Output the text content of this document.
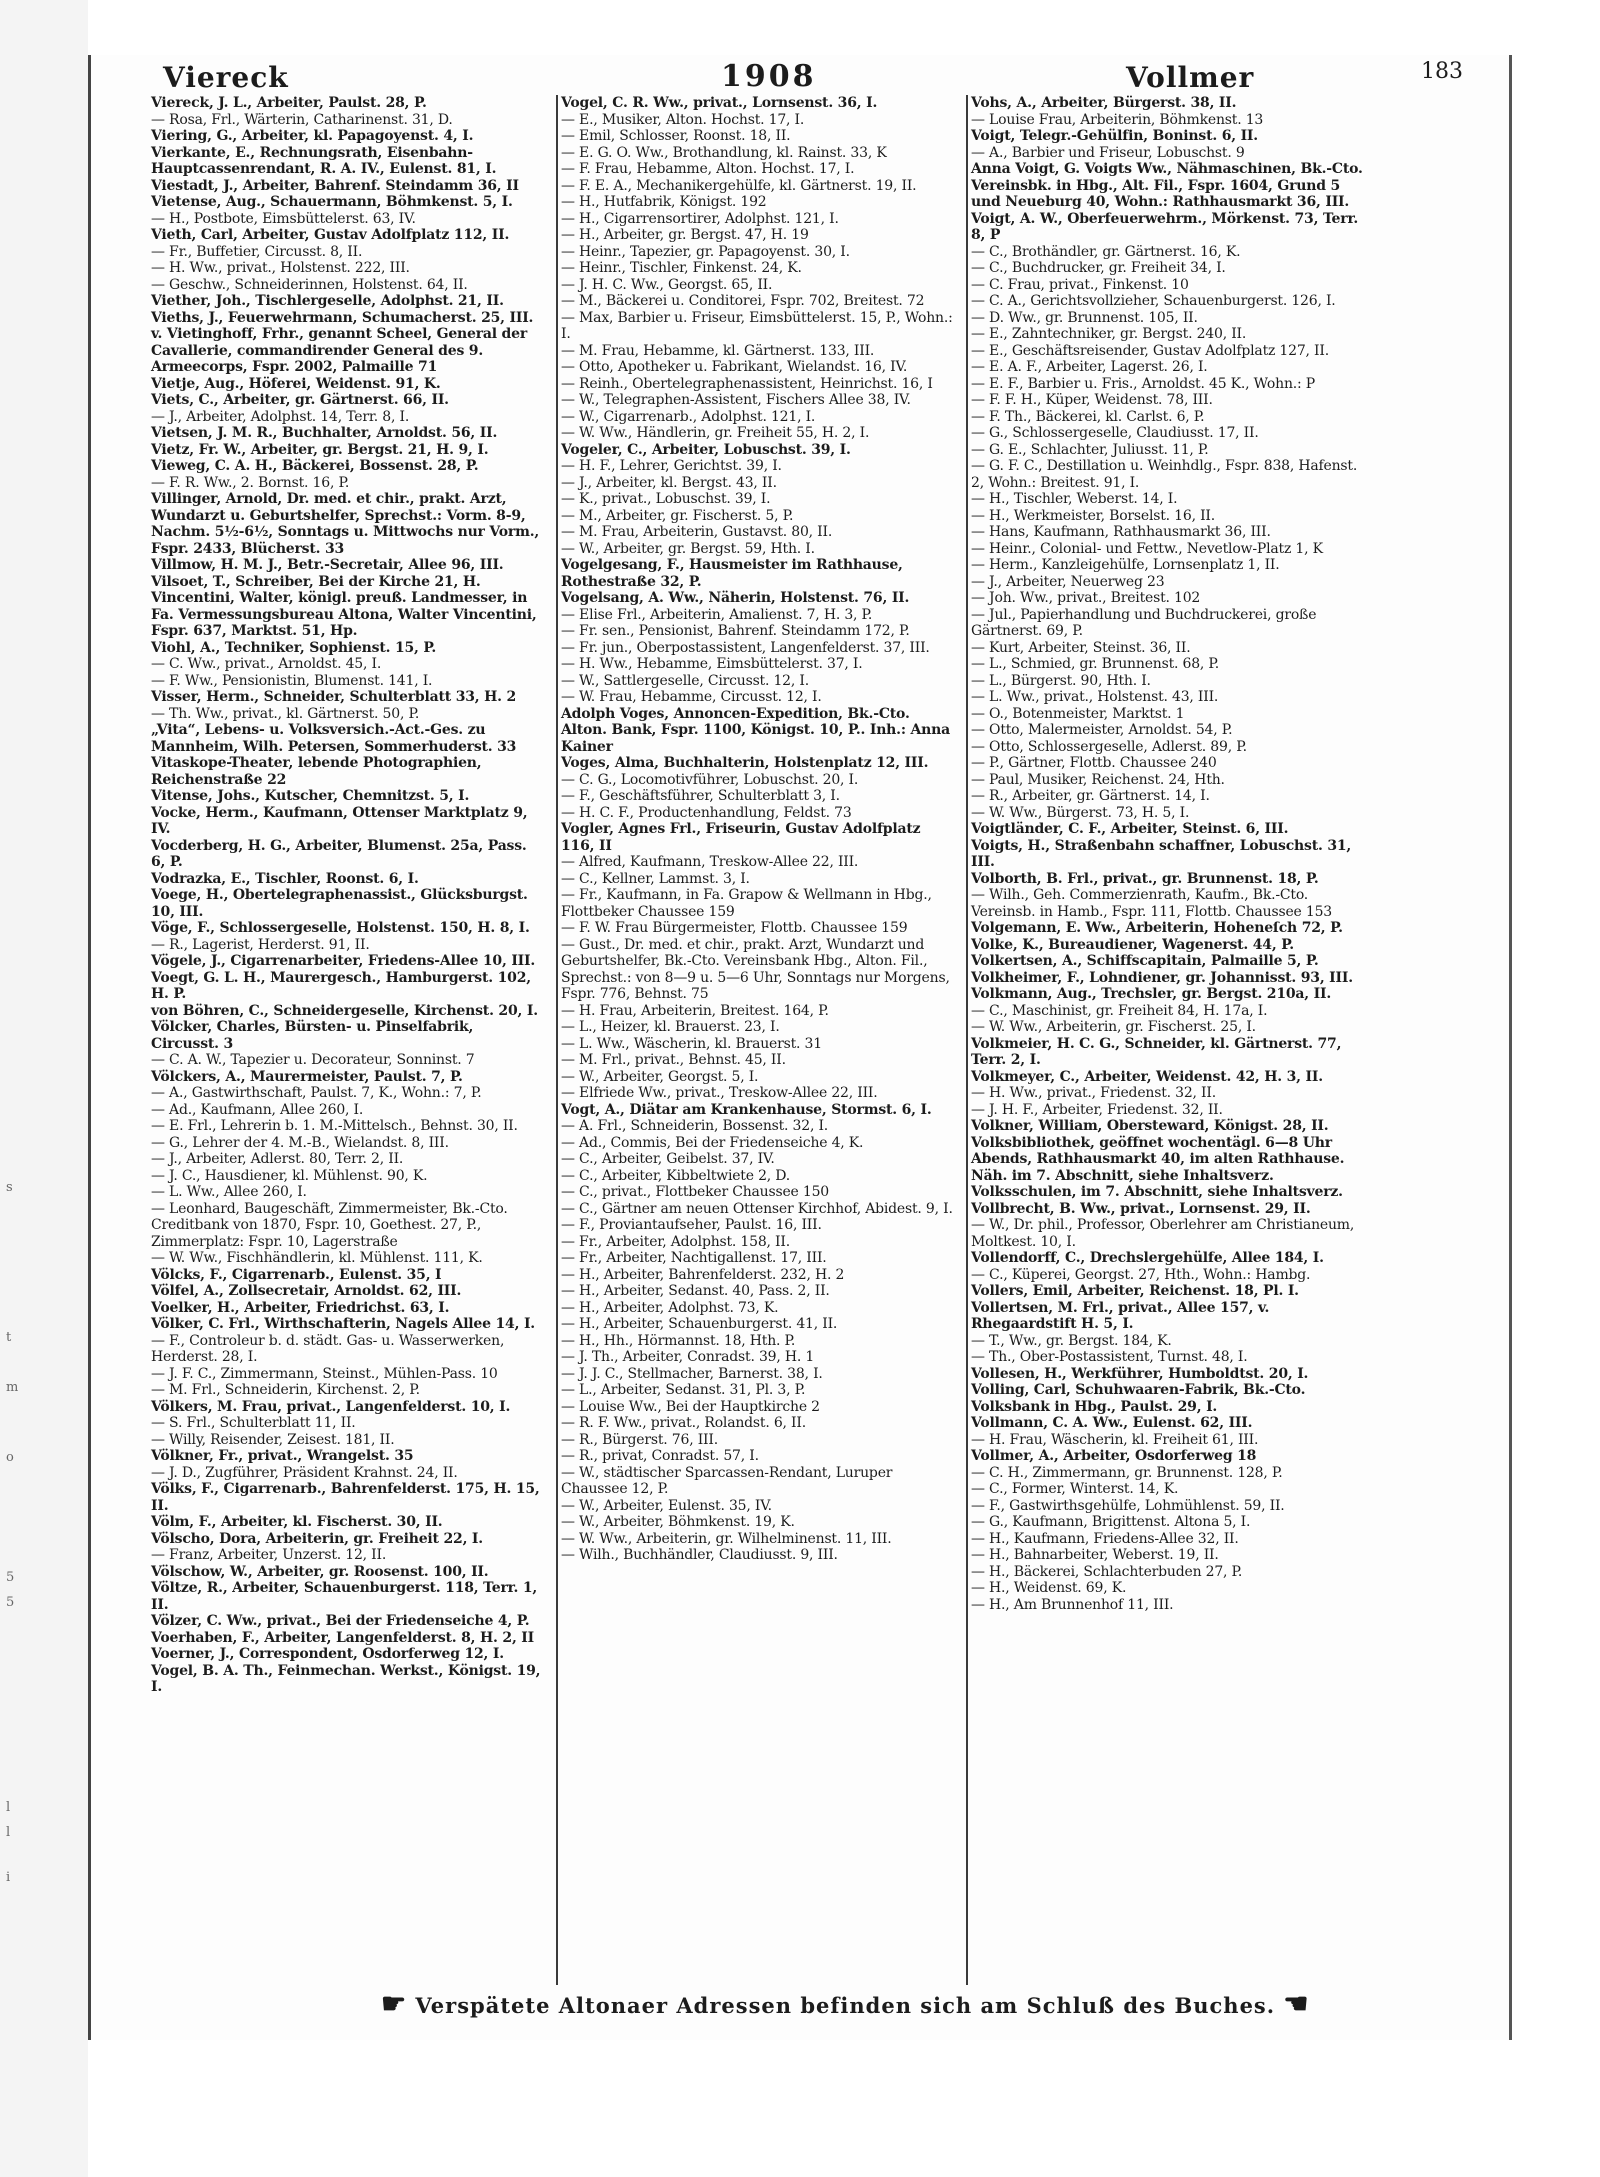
s
t
m
o
5
5
l
l
i
Viereck	1908	Vollmer	183
Viereck, J. L., Arbeiter, Paulst. 28, P.
— Rosa, Frl., Wärterin, Catharinenst. 31, D.
Viering, G., Arbeiter, kl. Papagoyenst. 4, I.
Vierkante, E., Rechnungsrath, Eisenbahn-Hauptcassenrendant, R. A. IV., Eulenst. 81, I.
Viestadt, J., Arbeiter, Bahrenf. Steindamm 36, II
Vietense, Aug., Schauermann, Böhmkenst. 5, I.
— H., Postbote, Eimsbüttelerst. 63, IV.
Vieth, Carl, Arbeiter, Gustav Adolfplatz 112, II.
— Fr., Buffetier, Circusst. 8, II.
— H. Ww., privat., Holstenst. 222, III.
— Geschw., Schneiderinnen, Holstenst. 64, II.
Viether, Joh., Tischlergeselle, Adolphst. 21, II.
Vieths, J., Feuerwehrmann, Schumacherst. 25, III.
v. Vietinghoff, Frhr., genannt Scheel, General der Cavallerie, commandirender General des 9. Armeecorps, Fspr. 2002, Palmaille 71
Vietje, Aug., Höferei, Weidenst. 91, K.
Viets, C., Arbeiter, gr. Gärtnerst. 66, II.
— J., Arbeiter, Adolphst. 14, Terr. 8, I.
Vietsen, J. M. R., Buchhalter, Arnoldst. 56, II.
Vietz, Fr. W., Arbeiter, gr. Bergst. 21, H. 9, I.
Vieweg, C. A. H., Bäckerei, Bossenst. 28, P.
— F. R. Ww., 2. Bornst. 16, P.
Villinger, Arnold, Dr. med. et chir., prakt. Arzt, Wundarzt u. Geburtshelfer, Sprechst.: Vorm. 8-9, Nachm. 5½-6½, Sonntags u. Mittwochs nur Vorm., Fspr. 2433, Blücherst. 33
Villmow, H. M. J., Betr.-Secretair, Allee 96, III.
Vilsoet, T., Schreiber, Bei der Kirche 21, H.
Vincentini, Walter, königl. preuß. Landmesser, in Fa. Vermessungsbureau Altona, Walter Vincentini, Fspr. 637, Marktst. 51, Hp.
Viohl, A., Techniker, Sophienst. 15, P.
— C. Ww., privat., Arnoldst. 45, I.
— F. Ww., Pensionistin, Blumenst. 141, I.
Visser, Herm., Schneider, Schulterblatt 33, H. 2
— Th. Ww., privat., kl. Gärtnerst. 50, P.
„Vita“, Lebens- u. Volksversich.-Act.-Ges. zu Mannheim, Wilh. Petersen, Sommerhuderst. 33
Vitaskope-Theater, lebende Photographien, Reichenstraße 22
Vitense, Johs., Kutscher, Chemnitzst. 5, I.
Vocke, Herm., Kaufmann, Ottenser Marktplatz 9, IV.
Vocderberg, H. G., Arbeiter, Blumenst. 25a, Pass. 6, P.
Vodrazka, E., Tischler, Roonst. 6, I.
Voege, H., Obertelegraphenassist., Glücksburgst. 10, III.
Vöge, F., Schlossergeselle, Holstenst. 150, H. 8, I.
— R., Lagerist, Herderst. 91, II.
Vögele, J., Cigarrenarbeiter, Friedens-Allee 10, III.
Voegt, G. L. H., Maurergesch., Hamburgerst. 102, H. P.
von Böhren, C., Schneidergeselle, Kirchenst. 20, I.
Völcker, Charles, Bürsten- u. Pinselfabrik, Circusst. 3
— C. A. W., Tapezier u. Decorateur, Sonninst. 7
Völckers, A., Maurermeister, Paulst. 7, P.
— A., Gastwirthschaft, Paulst. 7, K., Wohn.: 7, P.
— Ad., Kaufmann, Allee 260, I.
— E. Frl., Lehrerin b. 1. M.-Mittelsch., Behnst. 30, II.
— G., Lehrer der 4. M.-B., Wielandst. 8, III.
— J., Arbeiter, Adlerst. 80, Terr. 2, II.
— J. C., Hausdiener, kl. Mühlenst. 90, K.
— L. Ww., Allee 260, I.
— Leonhard, Baugeschäft, Zimmermeister, Bk.-Cto. Creditbank von 1870, Fspr. 10, Goethest. 27, P., Zimmerplatz: Fspr. 10, Lagerstraße
— W. Ww., Fischhändlerin, kl. Mühlenst. 111, K.
Völcks, F., Cigarrenarb., Eulenst. 35, I
Völfel, A., Zollsecretair, Arnoldst. 62, III.
Voelker, H., Arbeiter, Friedrichst. 63, I.
Völker, C. Frl., Wirthschafterin, Nagels Allee 14, I.
— F., Controleur b. d. städt. Gas- u. Wasserwerken, Herderst. 28, I.
— J. F. C., Zimmermann, Steinst., Mühlen-Pass. 10
— M. Frl., Schneiderin, Kirchenst. 2, P.
Völkers, M. Frau, privat., Langenfelderst. 10, I.
— S. Frl., Schulterblatt 11, II.
— Willy, Reisender, Zeisest. 181, II.
Völkner, Fr., privat., Wrangelst. 35
— J. D., Zugführer, Präsident Krahnst. 24, II.
Völks, F., Cigarrenarb., Bahrenfelderst. 175, H. 15, II.
Völm, F., Arbeiter, kl. Fischerst. 30, II.
Völscho, Dora, Arbeiterin, gr. Freiheit 22, I.
— Franz, Arbeiter, Unzerst. 12, II.
Völschow, W., Arbeiter, gr. Roosenst. 100, II.
Völtze, R., Arbeiter, Schauenburgerst. 118, Terr. 1, II.
Völzer, C. Ww., privat., Bei der Friedenseiche 4, P.
Voerhaben, F., Arbeiter, Langenfelderst. 8, H. 2, II
Voerner, J., Correspondent, Osdorferweg 12, I.
Vogel, B. A. Th., Feinmechan. Werkst., Königst. 19, I.
Vogel, C. R. Ww., privat., Lornsenst. 36, I.
— E., Musiker, Alton. Hochst. 17, I.
— Emil, Schlosser, Roonst. 18, II.
— E. G. O. Ww., Brothandlung, kl. Rainst. 33, K
— F. Frau, Hebamme, Alton. Hochst. 17, I.
— F. E. A., Mechanikergehülfe, kl. Gärtnerst. 19, II.
— H., Hutfabrik, Königst. 192
— H., Cigarrensortirer, Adolphst. 121, I.
— H., Arbeiter, gr. Bergst. 47, H. 19
— Heinr., Tapezier, gr. Papagoyenst. 30, I.
— Heinr., Tischler, Finkenst. 24, K.
— J. H. C. Ww., Georgst. 65, II.
— M., Bäckerei u. Conditorei, Fspr. 702, Breitest. 72
— Max, Barbier u. Friseur, Eimsbüttelerst. 15, P., Wohn.: I.
— M. Frau, Hebamme, kl. Gärtnerst. 133, III.
— Otto, Apotheker u. Fabrikant, Wielandst. 16, IV.
— Reinh., Obertelegraphenassistent, Heinrichst. 16, I
— W., Telegraphen-Assistent, Fischers Allee 38, IV.
— W., Cigarrenarb., Adolphst. 121, I.
— W. Ww., Händlerin, gr. Freiheit 55, H. 2, I.
Vogeler, C., Arbeiter, Lobuschst. 39, I.
— H. F., Lehrer, Gerichtst. 39, I.
— J., Arbeiter, kl. Bergst. 43, II.
— K., privat., Lobuschst. 39, I.
— M., Arbeiter, gr. Fischerst. 5, P.
— M. Frau, Arbeiterin, Gustavst. 80, II.
— W., Arbeiter, gr. Bergst. 59, Hth. I.
Vogelgesang, F., Hausmeister im Rathhause, Rothestraße 32, P.
Vogelsang, A. Ww., Näherin, Holstenst. 76, II.
— Elise Frl., Arbeiterin, Amalienst. 7, H. 3, P.
— Fr. sen., Pensionist, Bahrenf. Steindamm 172, P.
— Fr. jun., Oberpostassistent, Langenfelderst. 37, III.
— H. Ww., Hebamme, Eimsbüttelerst. 37, I.
— W., Sattlergeselle, Circusst. 12, I.
— W. Frau, Hebamme, Circusst. 12, I.
Adolph Voges, Annoncen-Expedition, Bk.-Cto. Alton. Bank, Fspr. 1100, Königst. 10, P.. Inh.: Anna Kainer
Voges, Alma, Buchhalterin, Holstenplatz 12, III.
— C. G., Locomotivführer, Lobuschst. 20, I.
— F., Geschäftsführer, Schulterblatt 3, I.
— H. C. F., Productenhandlung, Feldst. 73
Vogler, Agnes Frl., Friseurin, Gustav Adolfplatz 116, II
— Alfred, Kaufmann, Treskow-Allee 22, III.
— C., Kellner, Lammst. 3, I.
— Fr., Kaufmann, in Fa. Grapow & Wellmann in Hbg., Flottbeker Chaussee 159
— F. W. Frau Bürgermeister, Flottb. Chaussee 159
— Gust., Dr. med. et chir., prakt. Arzt, Wundarzt und Geburtshelfer, Bk.-Cto. Vereinsbank Hbg., Alton. Fil., Sprechst.: von 8—9 u. 5—6 Uhr, Sonntags nur Morgens, Fspr. 776, Behnst. 75
— H. Frau, Arbeiterin, Breitest. 164, P.
— L., Heizer, kl. Brauerst. 23, I.
— L. Ww., Wäscherin, kl. Brauerst. 31
— M. Frl., privat., Behnst. 45, II.
— W., Arbeiter, Georgst. 5, I.
— Elfriede Ww., privat., Treskow-Allee 22, III.
Vogt, A., Diätar am Krankenhause, Stormst. 6, I.
— A. Frl., Schneiderin, Bossenst. 32, I.
— Ad., Commis, Bei der Friedenseiche 4, K.
— C., Arbeiter, Geibelst. 37, IV.
— C., Arbeiter, Kibbeltwiete 2, D.
— C., privat., Flottbeker Chaussee 150
— C., Gärtner am neuen Ottenser Kirchhof, Abidest. 9, I.
— F., Proviantaufseher, Paulst. 16, III.
— Fr., Arbeiter, Adolphst. 158, II.
— Fr., Arbeiter, Nachtigallenst. 17, III.
— H., Arbeiter, Bahrenfelderst. 232, H. 2
— H., Arbeiter, Sedanst. 40, Pass. 2, II.
— H., Arbeiter, Adolphst. 73, K.
— H., Arbeiter, Schauenburgerst. 41, II.
— H., Hh., Hörmannst. 18, Hth. P.
— J. Th., Arbeiter, Conradst. 39, H. 1
— J. J. C., Stellmacher, Barnerst. 38, I.
— L., Arbeiter, Sedanst. 31, Pl. 3, P.
— Louise Ww., Bei der Hauptkirche 2
— R. F. Ww., privat., Rolandst. 6, II.
— R., Bürgerst. 76, III.
— R., privat, Conradst. 57, I.
— W., städtischer Sparcassen-Rendant, Luruper Chaussee 12, P.
— W., Arbeiter, Eulenst. 35, IV.
— W., Arbeiter, Böhmkenst. 19, K.
— W. Ww., Arbeiterin, gr. Wilhelminenst. 11, III.
— Wilh., Buchhändler, Claudiusst. 9, III.
Vohs, A., Arbeiter, Bürgerst. 38, II.
— Louise Frau, Arbeiterin, Böhmkenst. 13
Voigt, Telegr.-Gehülfin, Boninst. 6, II.
— A., Barbier und Friseur, Lobuschst. 9
Anna Voigt, G. Voigts Ww., Nähmaschinen, Bk.-Cto. Vereinsbk. in Hbg., Alt. Fil., Fspr. 1604, Grund 5 und Neueburg 40, Wohn.: Rathhausmarkt 36, III.
Voigt, A. W., Oberfeuerwehrm., Mörkenst. 73, Terr. 8, P
— C., Brothändler, gr. Gärtnerst. 16, K.
— C., Buchdrucker, gr. Freiheit 34, I.
— C. Frau, privat., Finkenst. 10
— C. A., Gerichtsvollzieher, Schauenburgerst. 126, I.
— D. Ww., gr. Brunnenst. 105, II.
— E., Zahntechniker, gr. Bergst. 240, II.
— E., Geschäftsreisender, Gustav Adolfplatz 127, II.
— E. A. F., Arbeiter, Lagerst. 26, I.
— E. F., Barbier u. Fris., Arnoldst. 45 K., Wohn.: P
— F. F. H., Küper, Weidenst. 78, III.
— F. Th., Bäckerei, kl. Carlst. 6, P.
— G., Schlossergeselle, Claudiusst. 17, II.
— G. E., Schlachter, Juliusst. 11, P.
— G. F. C., Destillation u. Weinhdlg., Fspr. 838, Hafenst. 2, Wohn.: Breitest. 91, I.
— H., Tischler, Weberst. 14, I.
— H., Werkmeister, Borselst. 16, II.
— Hans, Kaufmann, Rathhausmarkt 36, III.
— Heinr., Colonial- und Fettw., Nevetlow-Platz 1, K
— Herm., Kanzleigehülfe, Lornsenplatz 1, II.
— J., Arbeiter, Neuerweg 23
— Joh. Ww., privat., Breitest. 102
— Jul., Papierhandlung und Buchdruckerei, große Gärtnerst. 69, P.
— Kurt, Arbeiter, Steinst. 36, II.
— L., Schmied, gr. Brunnenst. 68, P.
— L., Bürgerst. 90, Hth. I.
— L. Ww., privat., Holstenst. 43, III.
— O., Botenmeister, Marktst. 1
— Otto, Malermeister, Arnoldst. 54, P.
— Otto, Schlossergeselle, Adlerst. 89, P.
— P., Gärtner, Flottb. Chaussee 240
— Paul, Musiker, Reichenst. 24, Hth.
— R., Arbeiter, gr. Gärtnerst. 14, I.
— W. Ww., Bürgerst. 73, H. 5, I.
Voigtländer, C. F., Arbeiter, Steinst. 6, III.
Voigts, H., Straßenbahn schaffner, Lobuschst. 31, III.
Volborth, B. Frl., privat., gr. Brunnenst. 18, P.
— Wilh., Geh. Commerzienrath, Kaufm., Bk.-Cto. Vereinsb. in Hamb., Fspr. 111, Flottb. Chaussee 153
Volgemann, E. Ww., Arbeiterin, Hoheneſch 72, P.
Volke, K., Bureaudiener, Wagenerst. 44, P.
Volkertsen, A., Schiffscapitain, Palmaille 5, P.
Volkheimer, F., Lohndiener, gr. Johannisst. 93, III.
Volkmann, Aug., Trechsler, gr. Bergst. 210a, II.
— C., Maschinist, gr. Freiheit 84, H. 17a, I.
— W. Ww., Arbeiterin, gr. Fischerst. 25, I.
Volkmeier, H. C. G., Schneider, kl. Gärtnerst. 77, Terr. 2, I.
Volkmeyer, C., Arbeiter, Weidenst. 42, H. 3, II.
— H. Ww., privat., Friedenst. 32, II.
— J. H. F., Arbeiter, Friedenst. 32, II.
Volkner, William, Obersteward, Königst. 28, II.
Volksbibliothek, geöffnet wochentägl. 6—8 Uhr Abends, Rathhausmarkt 40, im alten Rathhause. Näh. im 7. Abschnitt, siehe Inhaltsverz.
Volksschulen, im 7. Abschnitt, siehe Inhaltsverz.
Vollbrecht, B. Ww., privat., Lornsenst. 29, II.
— W., Dr. phil., Professor, Oberlehrer am Christianeum, Moltkest. 10, I.
Vollendorff, C., Drechslergehülfe, Allee 184, I.
— C., Küperei, Georgst. 27, Hth., Wohn.: Hambg.
Vollers, Emil, Arbeiter, Reichenst. 18, Pl. I.
Vollertsen, M. Frl., privat., Allee 157, v. Rhegaardstift H. 5, I.
— T., Ww., gr. Bergst. 184, K.
— Th., Ober-Postassistent, Turnst. 48, I.
Vollesen, H., Werkführer, Humboldtst. 20, I.
Volling, Carl, Schuhwaaren-Fabrik, Bk.-Cto. Volksbank in Hbg., Paulst. 29, I.
Vollmann, C. A. Ww., Eulenst. 62, III.
— H. Frau, Wäscherin, kl. Freiheit 61, III.
Vollmer, A., Arbeiter, Osdorferweg 18
— C. H., Zimmermann, gr. Brunnenst. 128, P.
— C., Former, Winterst. 14, K.
— F., Gastwirthsgehülfe, Lohmühlenst. 59, II.
— G., Kaufmann, Brigittenst. Altona 5, I.
— H., Kaufmann, Friedens-Allee 32, II.
— H., Bahnarbeiter, Weberst. 19, II.
— H., Bäckerei, Schlachterbuden 27, P.
— H., Weidenst. 69, K.
— H., Am Brunnenhof 11, III.
☛ Verspätete Altonaer Adressen befinden sich am Schluß des Buches. ☚
